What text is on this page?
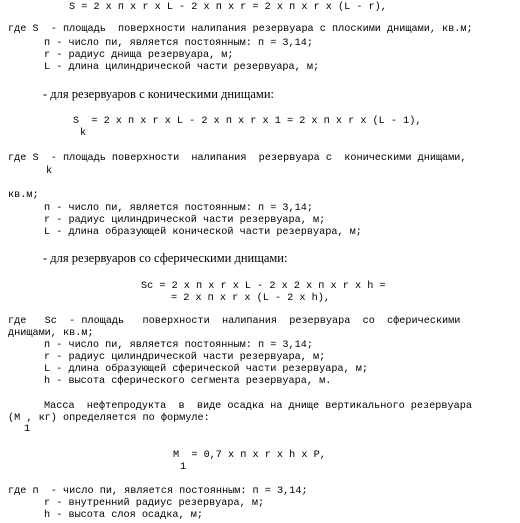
S = 2 х п х r х L - 2 х п х r = 2 х п х r х (L - r),
где S  - площадь  поверхности налипания резервуара с плоскими днищами, кв.м;
п - число пи, является постоянным: п = 3,14;
r - радиус днища резервуара, м;
L - длина цилиндрической части резервуара, м;
- для резервуаров с коническими днищами:
S  = 2 х п х r х L - 2 х п х r х 1 = 2 х п х r х (L - 1),
k
где S  - площадь поверхности  налипания  резервуара с  коническими днищами,
k
кв.м;
п - число пи, является постоянным: п = 3,14;
r - радиус цилиндрической части резервуара, м;
L - длина образующей конической части резервуара, м;
- для резервуаров со сферическими днищами:
Sс = 2 х п х r х L - 2 х 2 х п х r х h =
= 2 х п х r х (L - 2 х h),
где   Sс  - площадь   поверхности  налипания  резервуара  со  сферическими
днищами, кв.м;
п - число пи, является постоянным: п = 3,14;
r - радиус цилиндрической части резервуара, м;
L - длина образующей сферической части резервуара, м;
h - высота сферического сегмента резервуара, м.
Масса  нефтепродукта  в  виде осадка на днище вертикального резервуара
(М , кг) определяется по формуле:
1
М  = 0,7 х п х r х h х P,
1
где п  - число пи, является постоянным: п = 3,14;
r - внутренний радиус резервуара, м;
h - высота слоя осадка, м;
